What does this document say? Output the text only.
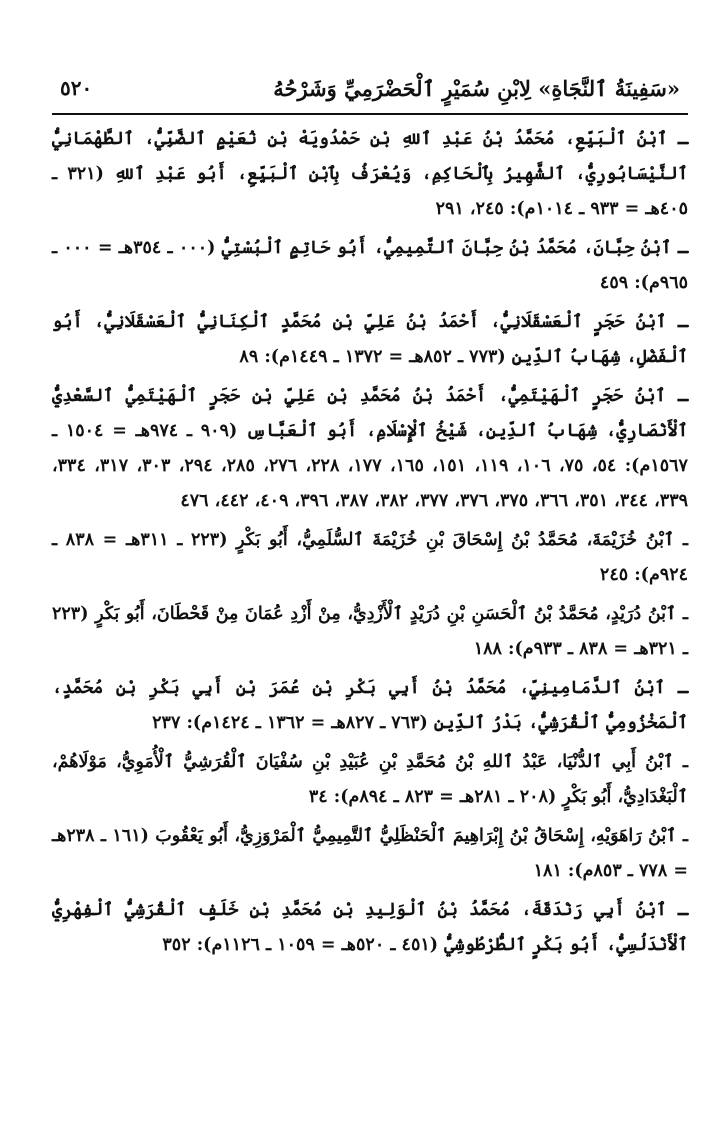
«سَفِينَةُ ٱلنَّجَاةِ» لِابْنِ سُمَيْرٍ ٱلْحَضْرَمِيِّ وَشَرْحُهُ
٥٢٠

ـ ٱبْنُ ٱلْبَيِّعِ، مُحَمَّدُ بْنُ عَبْدِ ٱللهِ بْنِ حَمْدُويَهْ بْنِ نُعَيْمٍ ٱلضَّبِّيُّ، ٱلطَّهْمَانِيُّ ٱلنَّيْسَابُورِيُّ، ٱلشَّهِيرُ بِٱلْحَاكِمِ، وَيُعْرَفُ بِٱبْنِ ٱلْبَيِّعِ، أَبُو عَبْدِ ٱللهِ (٣٢١ ـ ٤٠٥هـ = ٩٣٣ ـ ١٠١٤م): ٢٤٥، ٢٩١

ـ ٱبْنُ حِبَّانَ، مُحَمَّدُ بْنُ حِبَّانَ ٱلتَّمِيمِيُّ، أَبُو حَاتِمٍ ٱلْبُسْتِيُّ (٠٠٠ ـ ٣٥٤هـ = ٠٠٠ ـ ٩٦٥م): ٤٥٩

ـ ٱبْنُ حَجَرٍ ٱلْعَسْقَلَانِيُّ، أَحْمَدُ بْنُ عَلِيِّ بْنِ مُحَمَّدٍ ٱلْكِنَانِيُّ ٱلْعَسْقَلَانِيُّ، أَبُو ٱلْفَضْلِ، شِهَابُ ٱلدِّينِ (٧٧٣ ـ ٨٥٢هـ = ١٣٧٢ ـ ١٤٤٩م): ٨٩

ـ ٱبْنُ حَجَرٍ ٱلْهَيْتَمِيُّ، أَحْمَدُ بْنُ مُحَمَّدِ بْنِ عَلِيِّ بْنِ حَجَرٍ ٱلْهَيْتَمِيُّ ٱلسَّعْدِيُّ ٱلْأَنْصَارِيُّ، شِهَابُ ٱلدِّينِ، شَيْخُ ٱلْإِسْلَامِ، أَبُو ٱلْعَبَّاسِ (٩٠٩ ـ ٩٧٤هـ = ١٥٠٤ ـ ١٥٦٧م): ٥٤، ٧٥، ١٠٦، ١١٩، ١٥١، ١٦٥، ١٧٧، ٢٢٨، ٢٧٦، ٢٨٥، ٢٩٤، ٣٠٣، ٣١٧، ٣٣٤، ٣٣٩، ٣٤٤، ٣٥١، ٣٦٦، ٣٧٥، ٣٧٦، ٣٧٧، ٣٨٢، ٣٨٧، ٣٩٦، ٤٠٩، ٤٤٢، ٤٧٦

ـ ٱبْنُ خُزَيْمَةَ، مُحَمَّدُ بْنُ إِسْحَاقَ بْنِ خُزَيْمَةَ ٱلسُّلَمِيُّ، أَبُو بَكْرٍ (٢٢٣ ـ ٣١١هـ = ٨٣٨ ـ ٩٢٤م): ٢٤٥

ـ ٱبْنُ دُرَيْدٍ، مُحَمَّدُ بْنُ ٱلْحَسَنِ بْنِ دُرَيْدٍ ٱلْأَزْدِيُّ، مِنْ أَزْدِ عُمَانَ مِنْ قَحْطَانَ، أَبُو بَكْرٍ (٢٢٣ ـ ٣٢١هـ = ٨٣٨ ـ ٩٣٣م): ١٨٨

ـ ٱبْنُ ٱلدَّمَامِينِيِّ، مُحَمَّدُ بْنُ أَبِي بَكْرِ بْنِ عُمَرَ بْنِ أَبِي بَكْرِ بْنِ مُحَمَّدٍ، ٱلْمَخْزُومِيُّ ٱلْقُرَشِيُّ، بَدْرُ ٱلدِّينِ (٧٦٣ ـ ٨٢٧هـ = ١٣٦٢ ـ ١٤٢٤م): ٢٣٧

ـ ٱبْنُ أَبِي ٱلدُّنْيَا، عَبْدُ ٱللهِ بْنُ مُحَمَّدِ بْنِ عُبَيْدِ بْنِ سُفْيَانَ ٱلْقُرَشِيُّ ٱلْأُمَوِيُّ، مَوْلَاهُمْ، ٱلْبَغْدَادِيُّ، أَبُو بَكْرٍ (٢٠٨ ـ ٢٨١هـ = ٨٢٣ ـ ٨٩٤م): ٣٤

ـ ٱبْنُ رَاهَوَيْهِ، إِسْحَاقُ بْنُ إِبْرَاهِيمَ ٱلْحَنْظَلِيُّ ٱلتَّمِيمِيُّ ٱلْمَرْوَزِيُّ، أَبُو يَعْقُوبَ (١٦١ ـ ٢٣٨هـ = ٧٧٨ ـ ٨٥٣م): ١٨١

ـ ٱبْنُ أَبِي رَنْدَقَةَ، مُحَمَّدُ بْنُ ٱلْوَلِيدِ بْنِ مُحَمَّدِ بْنِ خَلَفٍ ٱلْقُرَشِيُّ ٱلْفِهْرِيُّ ٱلْأَنْدَلُسِيُّ، أَبُو بَكْرٍ ٱلطُّرْطُوشِيُّ (٤٥١ ـ ٥٢٠هـ = ١٠٥٩ ـ ١١٢٦م): ٣٥٢
